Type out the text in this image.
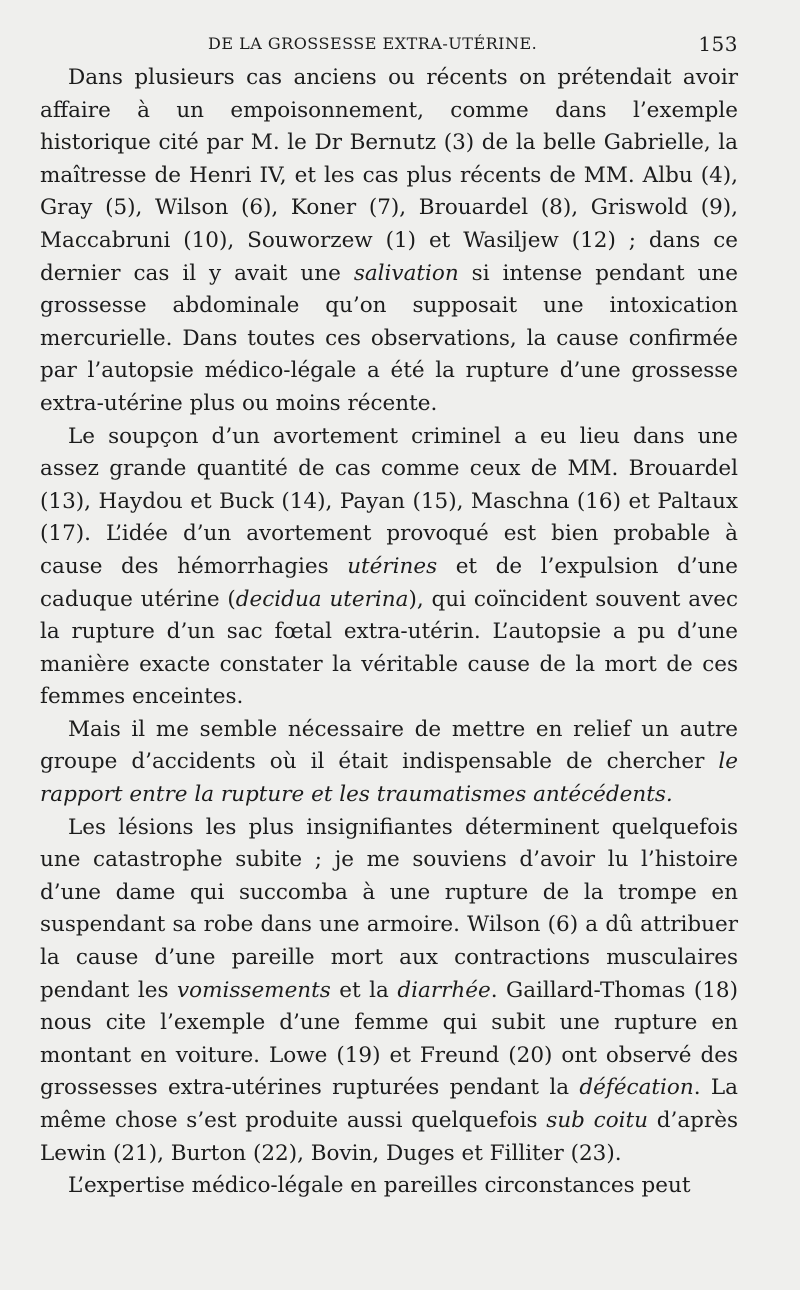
DE LA GROSSESSE EXTRA-UTÉRINE.	153

Dans plusieurs cas anciens ou récents on prétendait avoir affaire à un empoisonnement, comme dans l’exemple historique cité par M. le Dr Bernutz (3) de la belle Gabrielle, la maîtresse de Henri IV, et les cas plus récents de MM. Albu (4), Gray (5), Wilson (6), Koner (7), Brouardel (8), Griswold (9), Maccabruni (10), Souworzew (1) et Wasiljew (12) ; dans ce dernier cas il y avait une salivation si intense pendant une grossesse abdominale qu’on supposait une intoxication mercurielle. Dans toutes ces observations, la cause confirmée par l’autopsie médico-légale a été la rupture d’une grossesse extra-utérine plus ou moins récente.

Le soupçon d’un avortement criminel a eu lieu dans une assez grande quantité de cas comme ceux de MM. Brouardel (13), Haydou et Buck (14), Payan (15), Maschna (16) et Paltaux (17). L’idée d’un avortement provoqué est bien probable à cause des hémorrhagies utérines et de l’expulsion d’une caduque utérine (decidua uterina), qui coïncident souvent avec la rupture d’un sac fœtal extra-utérin. L’autopsie a pu d’une manière exacte constater la véritable cause de la mort de ces femmes enceintes.

Mais il me semble nécessaire de mettre en relief un autre groupe d’accidents où il était indispensable de chercher le rapport entre la rupture et les traumatismes antécédents.

Les lésions les plus insignifiantes déterminent quelquefois une catastrophe subite ; je me souviens d’avoir lu l’histoire d’une dame qui succomba à une rupture de la trompe en suspendant sa robe dans une armoire. Wilson (6) a dû attribuer la cause d’une pareille mort aux contractions musculaires pendant les vomissements et la diarrhée. Gaillard-Thomas (18) nous cite l’exemple d’une femme qui subit une rupture en montant en voiture. Lowe (19) et Freund (20) ont observé des grossesses extra-utérines rupturées pendant la défécation. La même chose s’est produite aussi quelquefois sub coitu d’après Lewin (21), Burton (22), Bovin, Duges et Filliter (23).

L’expertise médico-légale en pareilles circonstances peut
